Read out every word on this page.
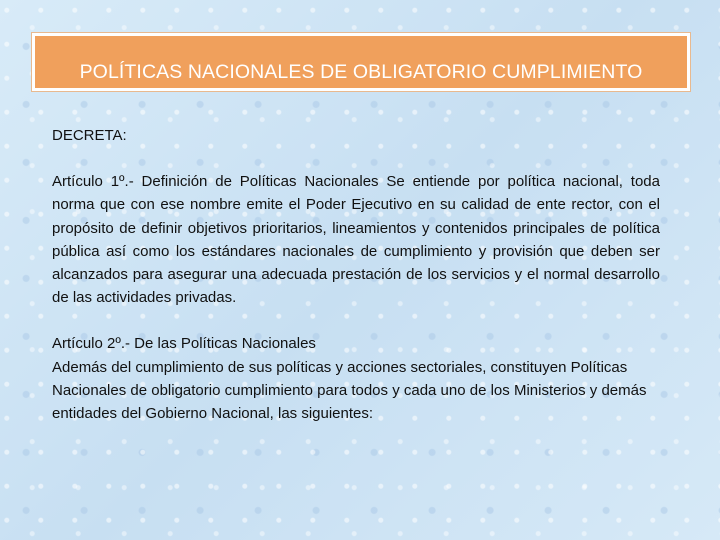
POLÍTICAS NACIONALES DE OBLIGATORIO CUMPLIMIENTO

DECRETA:

Artículo 1º.- Definición de Políticas Nacionales Se entiende por política nacional, toda norma que con ese nombre emite el Poder Ejecutivo en su calidad de ente rector, con el propósito de definir objetivos prioritarios, lineamientos y contenidos principales de política pública así como los estándares nacionales de cumplimiento y provisión que deben ser alcanzados para asegurar una adecuada prestación de los servicios y el normal desarrollo de las actividades privadas.

Artículo 2º.- De las Políticas Nacionales

Además del cumplimiento de sus políticas y acciones sectoriales, constituyen Políticas Nacionales de obligatorio cumplimiento para todos y cada uno de los Ministerios y demás entidades del Gobierno Nacional, las siguientes:
